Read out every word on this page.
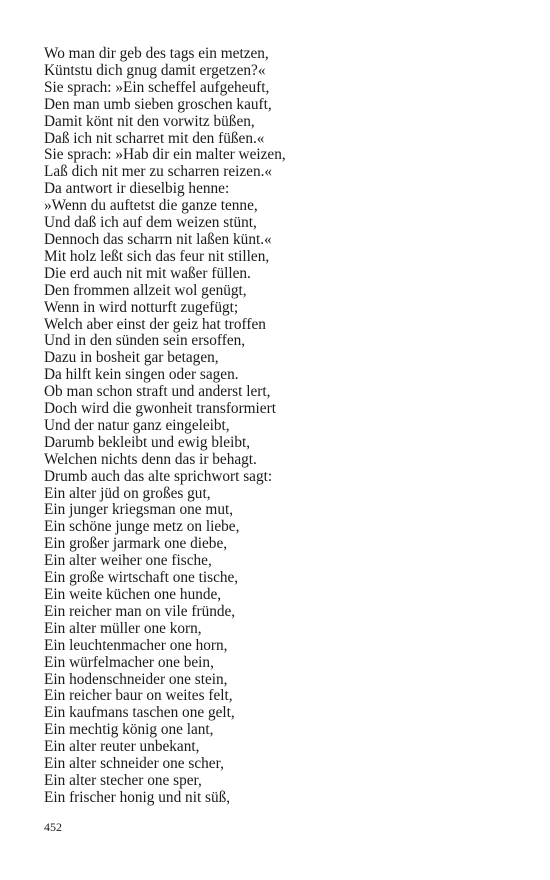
Wo man dir geb des tags ein metzen,
Küntstu dich gnug damit ergetzen?«
Sie sprach: »Ein scheffel aufgeheuft,
Den man umb sieben groschen kauft,
Damit könt nit den vorwitz büßen,
Daß ich nit scharret mit den füßen.«
Sie sprach: »Hab dir ein malter weizen,
Laß dich nit mer zu scharren reizen.«
Da antwort ir dieselbig henne:
»Wenn du auftetst die ganze tenne,
Und daß ich auf dem weizen stünt,
Dennoch das scharrn nit laßen künt.«
Mit holz leßt sich das feur nit stillen,
Die erd auch nit mit waßer füllen.
Den frommen allzeit wol genügt,
Wenn in wird notturft zugefügt;
Welch aber einst der geiz hat troffen
Und in den sünden sein ersoffen,
Dazu in bosheit gar betagen,
Da hilft kein singen oder sagen.
Ob man schon straft und anderst lert,
Doch wird die gwonheit transformiert
Und der natur ganz eingeleibt,
Darumb bekleibt und ewig bleibt,
Welchen nichts denn das ir behagt.
Drumb auch das alte sprichwort sagt:
Ein alter jüd on großes gut,
Ein junger kriegsman one mut,
Ein schöne junge metz on liebe,
Ein großer jarmark one diebe,
Ein alter weiher one fische,
Ein große wirtschaft one tische,
Ein weite küchen one hunde,
Ein reicher man on vile fründe,
Ein alter müller one korn,
Ein leuchtenmacher one horn,
Ein würfelmacher one bein,
Ein hodenschneider one stein,
Ein reicher baur on weites felt,
Ein kaufmans taschen one gelt,
Ein mechtig könig one lant,
Ein alter reuter unbekant,
Ein alter schneider one scher,
Ein alter stecher one sper,
Ein frischer honig und nit süß,
452
